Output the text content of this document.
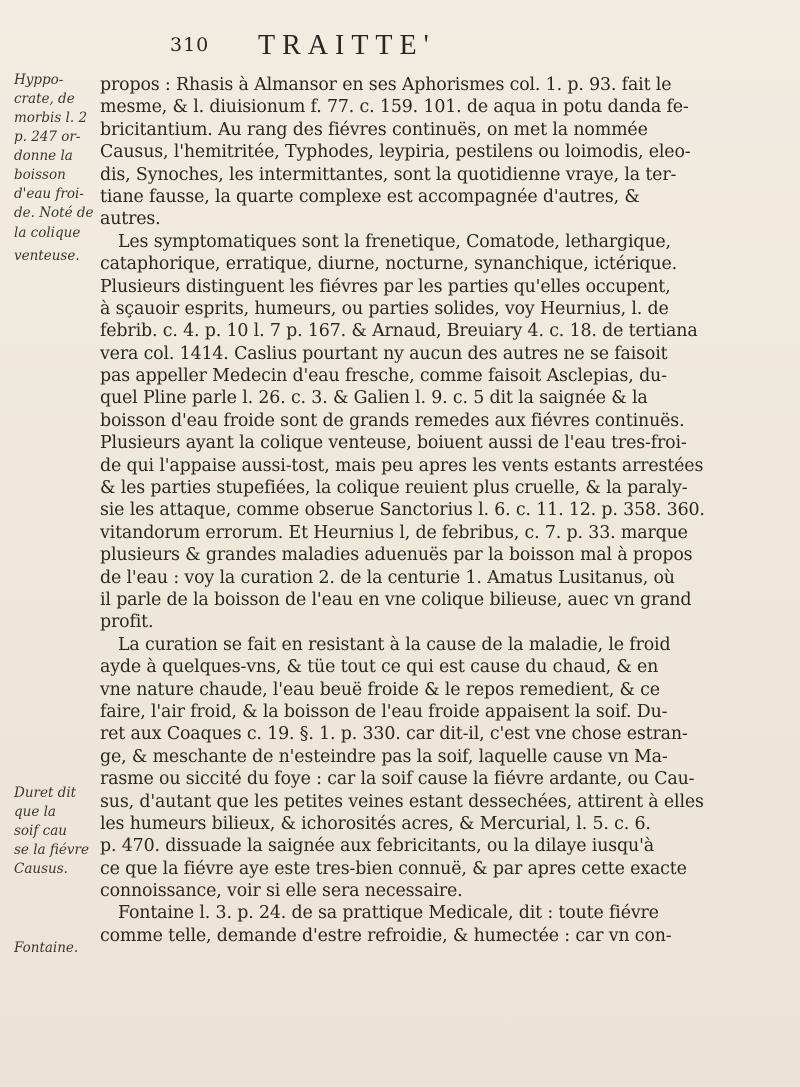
310 TRAITTE'
Hyppo-
crate, de
morbis l. 2
p. 247 or-
donne la
boisson
d'eau froi-
de. Noté de
la colique
venteuse.
Duret dit
que la
soif cau
se la fiévre
Causus.
Fontaine.
propos : Rhasis à Almansor en ses Aphorismes col. 1. p. 93. fait le
mesme, & l. diuisionum f. 77. c. 159. 101. de aqua in potu danda fe-
bricitantium. Au rang des fiévres continuës, on met la nommée
Causus, l'hemitritée, Typhodes, leypiria, pestilens ou loimodis, eleo-
dis, Synoches, les intermittantes, sont la quotidienne vraye, la ter-
tiane fausse, la quarte complexe est accompagnée d'autres, &
autres.
Les symptomatiques sont la frenetique, Comatode, lethargique,
cataphorique, erratique, diurne, nocturne, synanchique, ictérique.
Plusieurs distinguent les fiévres par les parties qu'elles occupent,
à sçauoir esprits, humeurs, ou parties solides, voy Heurnius, l. de
febrib. c. 4. p. 10 l. 7 p. 167. & Arnaud, Breuiary 4. c. 18. de tertiana
vera col. 1414. Caslius pourtant ny aucun des autres ne se faisoit
pas appeller Medecin d'eau fresche, comme faisoit Asclepias, du-
quel Pline parle l. 26. c. 3. & Galien l. 9. c. 5 dit la saignée & la
boisson d'eau froide sont de grands remedes aux fiévres continuës.
Plusieurs ayant la colique venteuse, boiuent aussi de l'eau tres-froi-
de qui l'appaise aussi-tost, mais peu apres les vents estants arrestées
& les parties stupefiées, la colique reuient plus cruelle, & la paraly-
sie les attaque, comme obserue Sanctorius l. 6. c. 11. 12. p. 358. 360.
vitandorum errorum. Et Heurnius l, de febribus, c. 7. p. 33. marque
plusieurs & grandes maladies aduenuës par la boisson mal à propos
de l'eau : voy la curation 2. de la centurie 1. Amatus Lusitanus, où
il parle de la boisson de l'eau en vne colique bilieuse, auec vn grand
profit.
La curation se fait en resistant à la cause de la maladie, le froid
ayde à quelques-vns, & tüe tout ce qui est cause du chaud, & en
vne nature chaude, l'eau beuë froide & le repos remedient, & ce
faire, l'air froid, & la boisson de l'eau froide appaisent la soif. Du-
ret aux Coaques c. 19. §. 1. p. 330. car dit-il, c'est vne chose estran-
ge, & meschante de n'esteindre pas la soif, laquelle cause vn Ma-
rasme ou siccité du foye : car la soif cause la fiévre ardante, ou Cau-
sus, d'autant que les petites veines estant dessechées, attirent à elles
les humeurs bilieux, & ichorosités acres, & Mercurial, l. 5. c. 6.
p. 470. dissuade la saignée aux febricitants, ou la dilaye iusqu'à
ce que la fiévre aye este tres-bien connuë, & par apres cette exacte
connoissance, voir si elle sera necessaire.
Fontaine l. 3. p. 24. de sa prattique Medicale, dit : toute fiévre
comme telle, demande d'estre refroidie, & humectée : car vn con-
